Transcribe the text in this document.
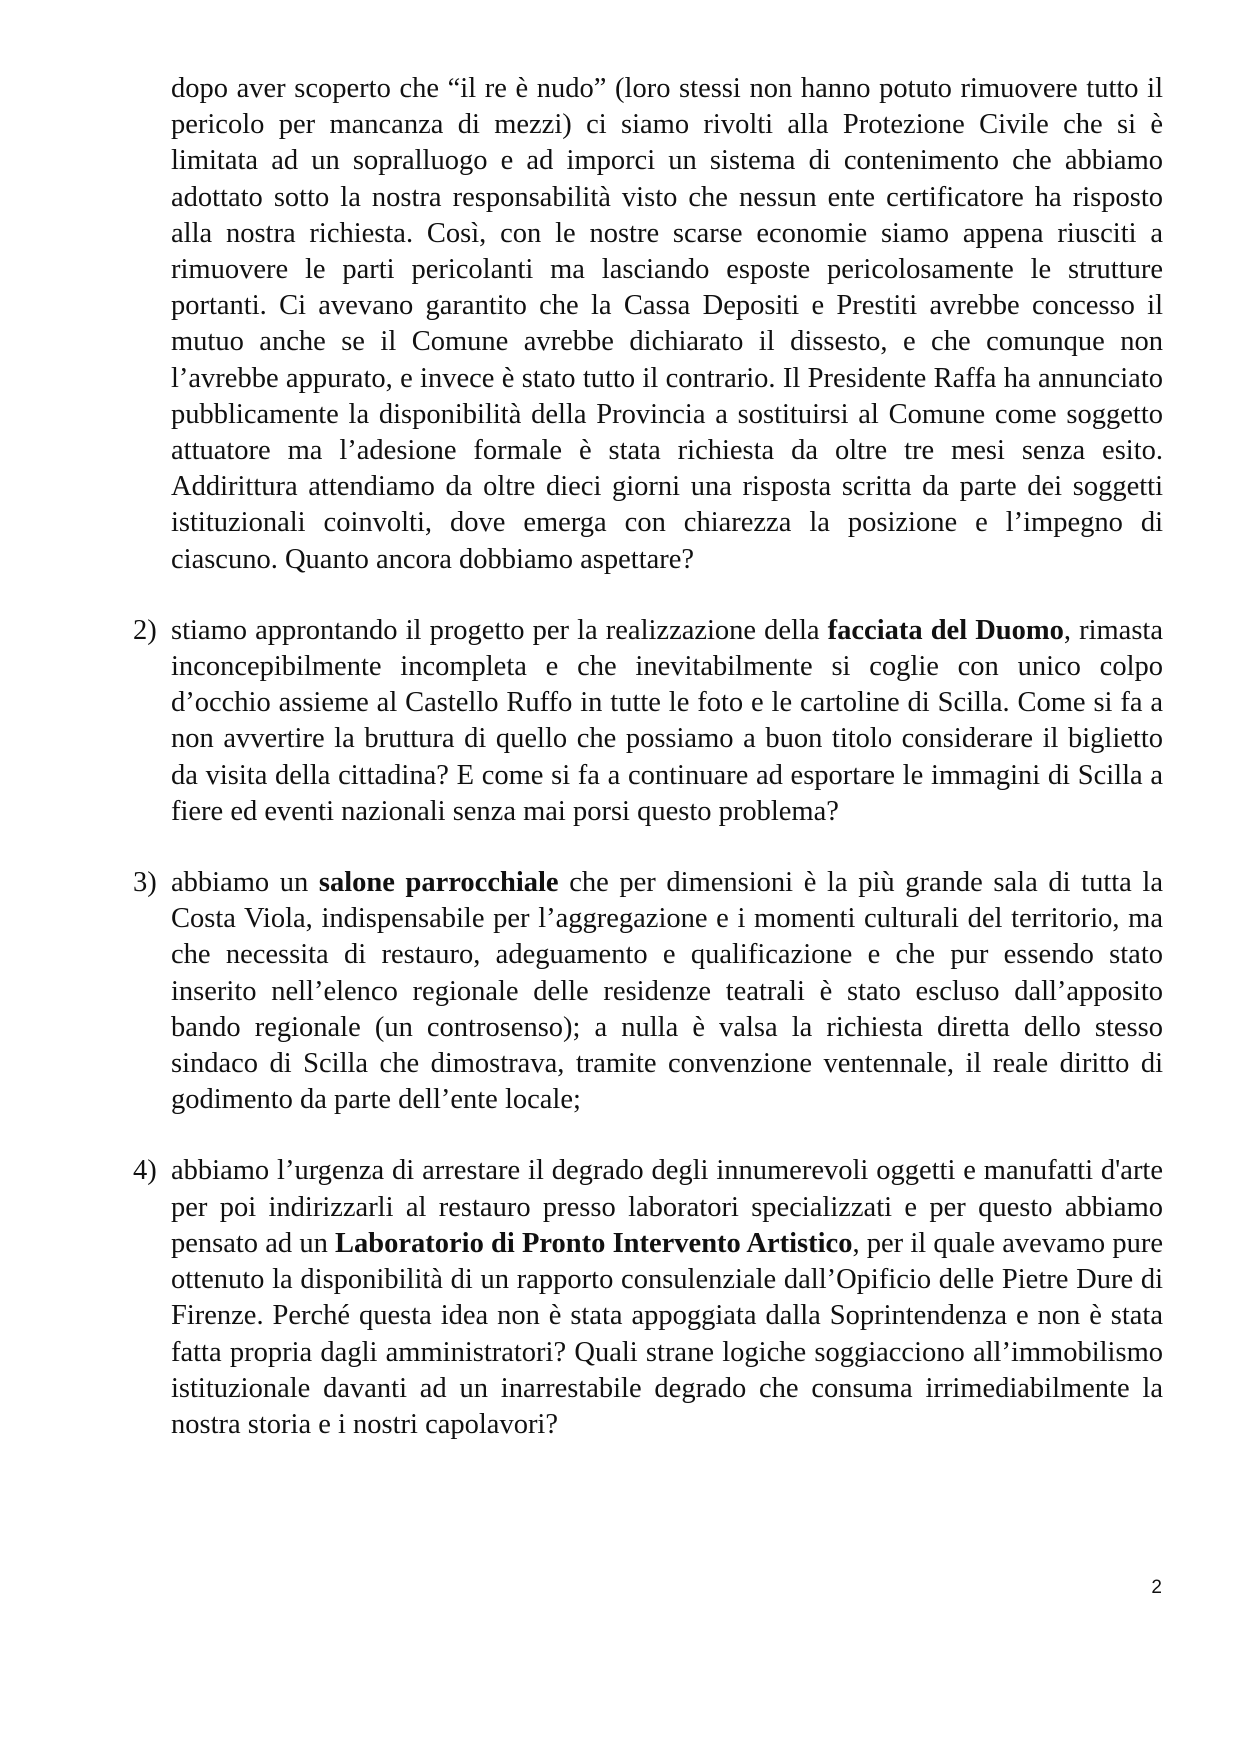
dopo aver scoperto che “il re è nudo” (loro stessi non hanno potuto rimuovere tutto il pericolo per mancanza di mezzi) ci siamo rivolti alla Protezione Civile che si è limitata ad un sopralluogo e ad imporci un sistema di contenimento che abbiamo adottato sotto la nostra responsabilità visto che nessun ente certificatore ha risposto alla nostra richiesta. Così, con le nostre scarse economie siamo appena riusciti a rimuovere le parti pericolanti ma lasciando esposte pericolosamente le strutture portanti. Ci avevano garantito che la Cassa Depositi e Prestiti avrebbe concesso il mutuo anche se il Comune avrebbe dichiarato il dissesto, e che comunque non l’avrebbe appurato, e invece è stato tutto il contrario. Il Presidente Raffa ha annunciato pubblicamente la disponibilità della Provincia a sostituirsi al Comune come soggetto attuatore ma l’adesione formale è stata richiesta da oltre tre mesi senza esito. Addirittura attendiamo da oltre dieci giorni una risposta scritta da parte dei soggetti istituzionali coinvolti, dove emerga con chiarezza la posizione e l’impegno di ciascuno. Quanto ancora dobbiamo aspettare?

2) stiamo approntando il progetto per la realizzazione della facciata del Duomo, rimasta inconcepibilmente incompleta e che inevitabilmente si coglie con unico colpo d’occhio assieme al Castello Ruffo in tutte le foto e le cartoline di Scilla. Come si fa a non avvertire la bruttura di quello che possiamo a buon titolo considerare il biglietto da visita della cittadina? E come si fa a continuare ad esportare le immagini di Scilla a fiere ed eventi nazionali senza mai porsi questo problema?

3) abbiamo un salone parrocchiale che per dimensioni è la più grande sala di tutta la Costa Viola, indispensabile per l’aggregazione e i momenti culturali del territorio, ma che necessita di restauro, adeguamento e qualificazione e che pur essendo stato inserito nell’elenco regionale delle residenze teatrali è stato escluso dall’apposito bando regionale (un controsenso); a nulla è valsa la richiesta diretta dello stesso sindaco di Scilla che dimostrava, tramite convenzione ventennale, il reale diritto di godimento da parte dell’ente locale;

4) abbiamo l’urgenza di arrestare il degrado degli innumerevoli oggetti e manufatti d'arte per poi indirizzarli al restauro presso laboratori specializzati e per questo abbiamo pensato ad un Laboratorio di Pronto Intervento Artistico, per il quale avevamo pure ottenuto la disponibilità di un rapporto consulenziale dall’Opificio delle Pietre Dure di Firenze. Perché questa idea non è stata appoggiata dalla Soprintendenza e non è stata fatta propria dagli amministratori? Quali strane logiche soggiacciono all’immobilismo istituzionale davanti ad un inarrestabile degrado che consuma irrimediabilmente la nostra storia e i nostri capolavori?

2
